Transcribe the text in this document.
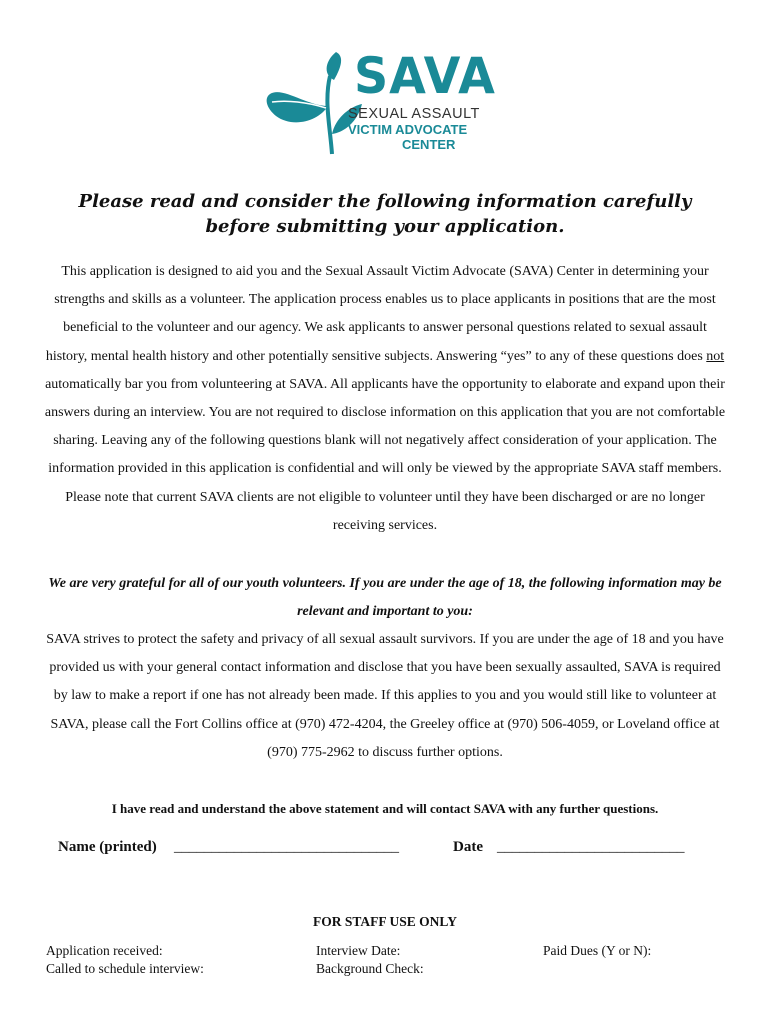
SAVA
SEXUAL ASSAULT
VICTIM ADVOCATE
CENTER
Please read and consider the following information carefully before submitting your application.
This application is designed to aid you and the Sexual Assault Victim Advocate (SAVA) Center in determining your strengths and skills as a volunteer. The application process enables us to place applicants in positions that are the most beneficial to the volunteer and our agency. We ask applicants to answer personal questions related to sexual assault history, mental health history and other potentially sensitive subjects. Answering “yes” to any of these questions does not automatically bar you from volunteering at SAVA. All applicants have the opportunity to elaborate and expand upon their answers during an interview. You are not required to disclose information on this application that you are not comfortable sharing. Leaving any of the following questions blank will not negatively affect consideration of your application. The information provided in this application is confidential and will only be viewed by the appropriate SAVA staff members. Please note that current SAVA clients are not eligible to volunteer until they have been discharged or are no longer receiving services.
We are very grateful for all of our youth volunteers. If you are under the age of 18, the following information may be relevant and important to you:
SAVA strives to protect the safety and privacy of all sexual assault survivors. If you are under the age of 18 and you have provided us with your general contact information and disclose that you have been sexually assaulted, SAVA is required by law to make a report if one has not already been made. If this applies to you and you would still like to volunteer at SAVA, please call the Fort Collins office at (970) 472-4204, the Greeley office at (970) 506-4059, or Loveland office at (970) 775-2962 to discuss further options.
I have read and understand the above statement and will contact SAVA with any further questions.
Name (printed) ______________________________	Date _________________________
FOR STAFF USE ONLY
Application received:
Called to schedule interview:
Interview Date:
Background Check:
Paid Dues (Y or N):
